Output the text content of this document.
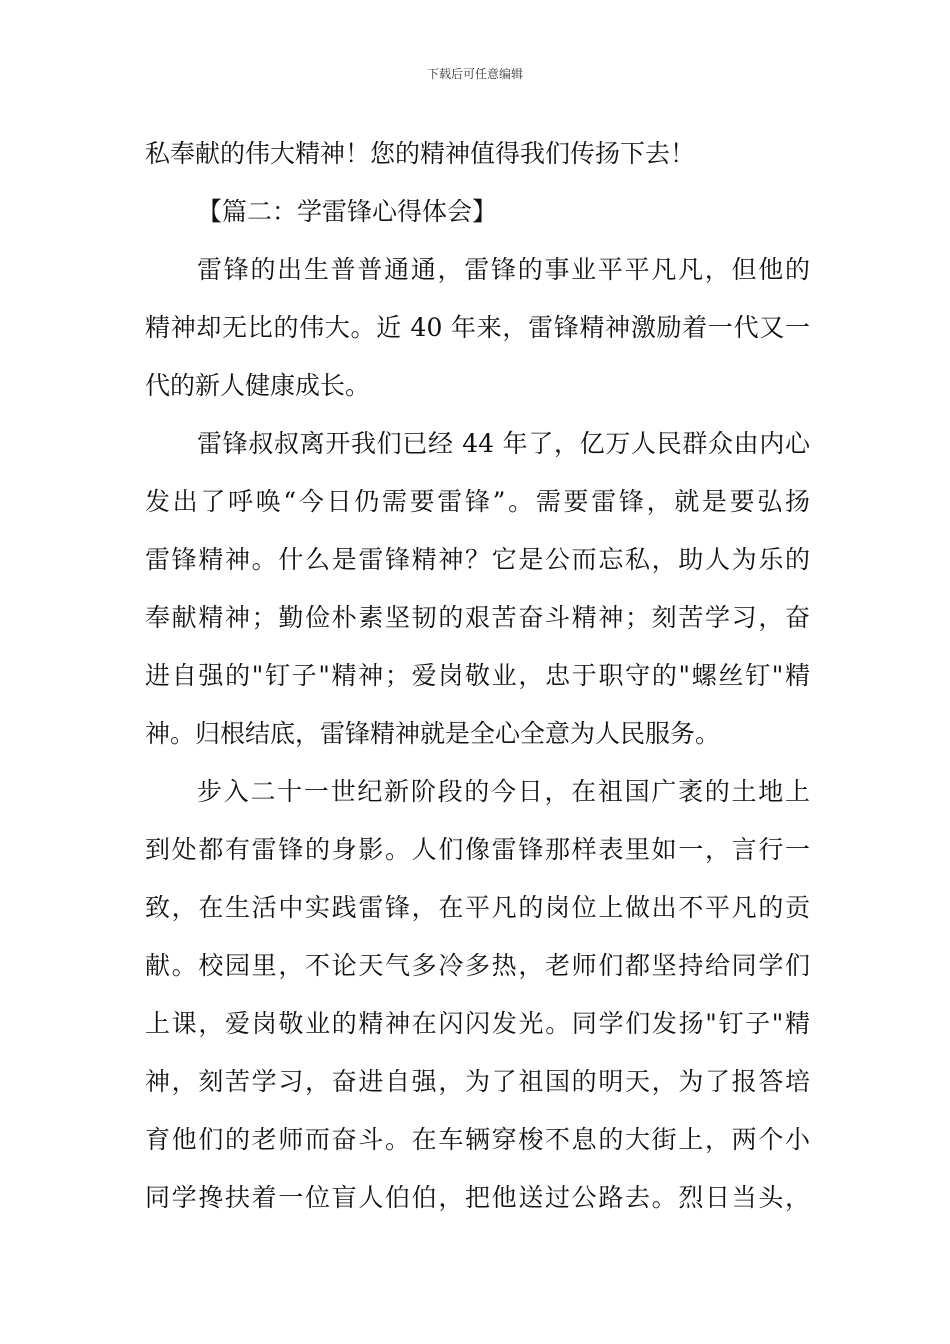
下载后可任意编辑
私奉献的伟大精神！您的精神值得我们传扬下去！
【篇二：学雷锋心得体会】
雷锋的出生普普通通，雷锋的事业平平凡凡，但他的
精神却无比的伟大。近 40 年来，雷锋精神激励着一代又一
代的新人健康成长。
雷锋叔叔离开我们已经 44 年了，亿万人民群众由内心
发出了呼唤“今日仍需要雷锋”。需要雷锋，就是要弘扬
雷锋精神。什么是雷锋精神？它是公而忘私，助人为乐的
奉献精神；勤俭朴素坚韧的艰苦奋斗精神；刻苦学习，奋
进自强的"钉子"精神；爱岗敬业，忠于职守的"螺丝钉"精
神。归根结底，雷锋精神就是全心全意为人民服务。
步入二十一世纪新阶段的今日，在祖国广袤的土地上
到处都有雷锋的身影。人们像雷锋那样表里如一，言行一
致，在生活中实践雷锋，在平凡的岗位上做出不平凡的贡
献。校园里，不论天气多冷多热，老师们都坚持给同学们
上课，爱岗敬业的精神在闪闪发光。同学们发扬"钉子"精
神，刻苦学习，奋进自强，为了祖国的明天，为了报答培
育他们的老师而奋斗。在车辆穿梭不息的大街上，两个小
同学搀扶着一位盲人伯伯，把他送过公路去。烈日当头，
